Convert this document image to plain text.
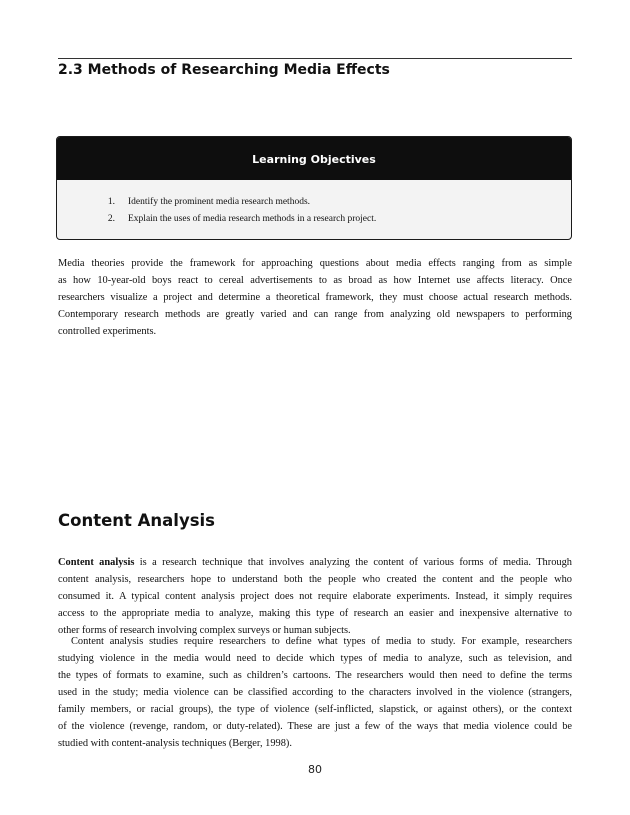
2.3 Methods of Researching Media Effects
Learning Objectives
1. Identify the prominent media research methods.
2. Explain the uses of media research methods in a research project.
Media theories provide the framework for approaching questions about media effects ranging from as simple
as how 10-year-old boys react to cereal advertisements to as broad as how Internet use affects literacy. Once
researchers visualize a project and determine a theoretical framework, they must choose actual research methods.
Contemporary research methods are greatly varied and can range from analyzing old newspapers to performing
controlled experiments.
Content Analysis
Content analysis is a research technique that involves analyzing the content of various forms of media. Through
content analysis, researchers hope to understand both the people who created the content and the people who
consumed it. A typical content analysis project does not require elaborate experiments. Instead, it simply requires
access to the appropriate media to analyze, making this type of research an easier and inexpensive alternative to
other forms of research involving complex surveys or human subjects.
Content analysis studies require researchers to define what types of media to study. For example, researchers
studying violence in the media would need to decide which types of media to analyze, such as television, and
the types of formats to examine, such as children’s cartoons. The researchers would then need to define the terms
used in the study; media violence can be classified according to the characters involved in the violence (strangers,
family members, or racial groups), the type of violence (self-inflicted, slapstick, or against others), or the context
of the violence (revenge, random, or duty-related). These are just a few of the ways that media violence could be
studied with content-analysis techniques (Berger, 1998).
80
